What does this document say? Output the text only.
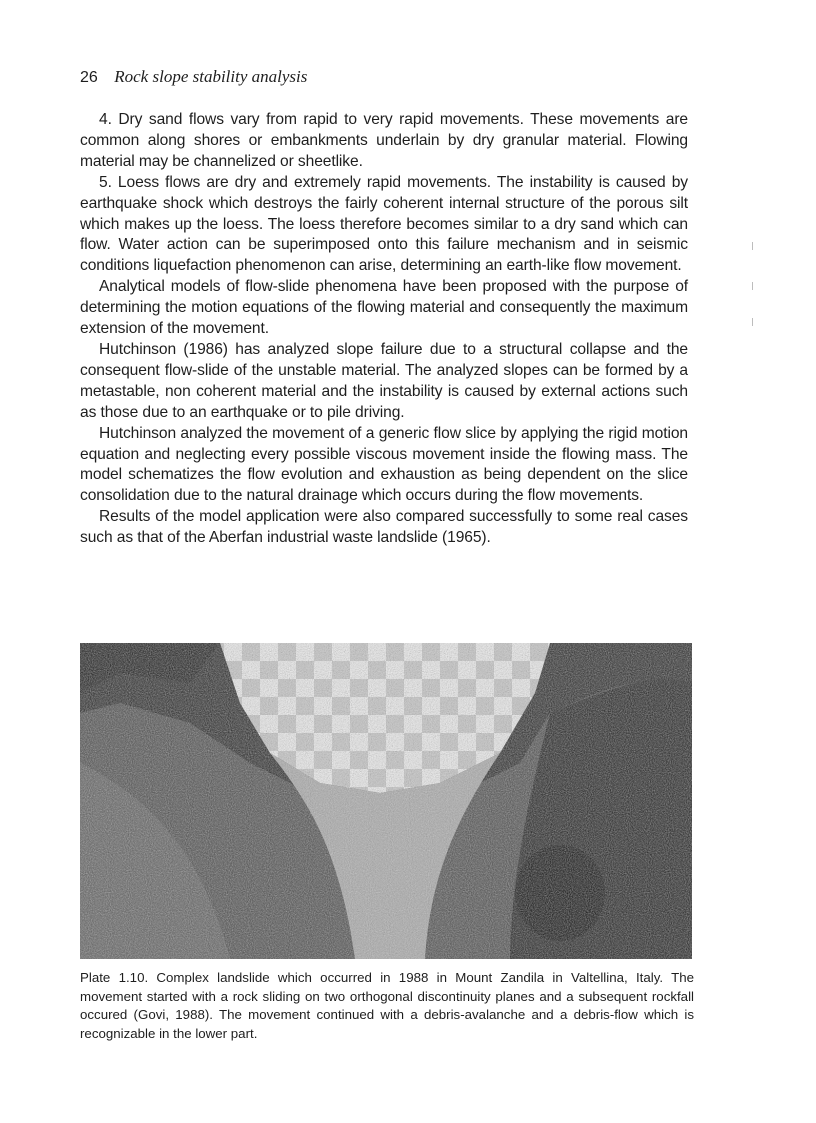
26 Rock slope stability analysis

4. Dry sand flows vary from rapid to very rapid movements. These movements are common along shores or embankments underlain by dry granular material. Flowing material may be channelized or sheetlike.

5. Loess flows are dry and extremely rapid movements. The instability is caused by earthquake shock which destroys the fairly coherent internal structure of the porous silt which makes up the loess. The loess therefore becomes similar to a dry sand which can flow. Water action can be superimposed onto this failure mechanism and in seismic conditions liquefaction phenomenon can arise, determining an earth-like flow movement.

Analytical models of flow-slide phenomena have been proposed with the purpose of determining the motion equations of the flowing material and consequently the maximum extension of the movement.

Hutchinson (1986) has analyzed slope failure due to a structural collapse and the consequent flow-slide of the unstable material. The analyzed slopes can be formed by a metastable, non coherent material and the instability is caused by external actions such as those due to an earthquake or to pile driving.

Hutchinson analyzed the movement of a generic flow slice by applying the rigid motion equation and neglecting every possible viscous movement inside the flowing mass. The model schematizes the flow evolution and exhaustion as being dependent on the slice consolidation due to the natural drainage which occurs during the flow movements.

Results of the model application were also compared successfully to some real cases such as that of the Aberfan industrial waste landslide (1965).

Plate 1.10. Complex landslide which occurred in 1988 in Mount Zandila in Valtellina, Italy. The movement started with a rock sliding on two orthogonal discontinuity planes and a subsequent rockfall occured (Govi, 1988). The movement continued with a debris-avalanche and a debris-flow which is recognizable in the lower part.
